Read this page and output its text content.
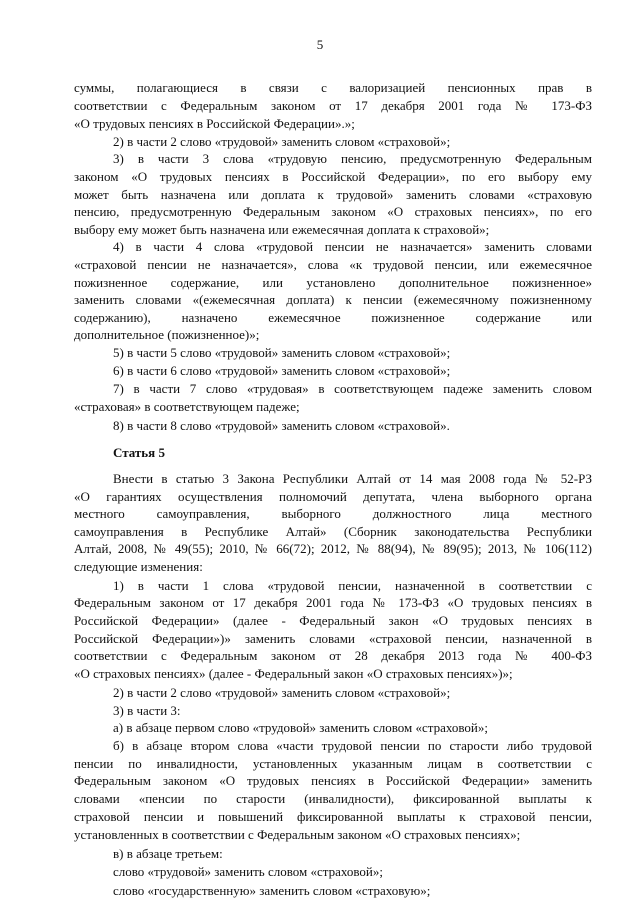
5
суммы, полагающиеся в связи с валоризацией пенсионных прав в
соответствии с Федеральным законом от 17 декабря 2001 года № 173-ФЗ
«О трудовых пенсиях в Российской Федерации».»;
2) в части 2 слово «трудовой» заменить словом «страховой»;
3) в части 3 слова «трудовую пенсию, предусмотренную Федеральным
законом «О трудовых пенсиях в Российской Федерации», по его выбору ему
может быть назначена или доплата к трудовой» заменить словами «страховую
пенсию, предусмотренную Федеральным законом «О страховых пенсиях», по его
выбору ему может быть назначена или ежемесячная доплата к страховой»;
4) в части 4 слова «трудовой пенсии не назначается» заменить словами
«страховой пенсии не назначается», слова «к трудовой пенсии, или ежемесячное
пожизненное содержание, или установлено дополнительное пожизненное»
заменить словами «(ежемесячная доплата) к пенсии (ежемесячному пожизненному
содержанию), назначено ежемесячное пожизненное содержание или
дополнительное (пожизненное)»;
5) в части 5 слово «трудовой» заменить словом «страховой»;
6) в части 6 слово «трудовой» заменить словом «страховой»;
7) в части 7 слово «трудовая» в соответствующем падеже заменить словом
«страховая» в соответствующем падеже;
8) в части 8 слово «трудовой» заменить словом «страховой».
Статья 5
Внести в статью 3 Закона Республики Алтай от 14 мая 2008 года № 52-РЗ
«О гарантиях осуществления полномочий депутата, члена выборного органа
местного самоуправления, выборного должностного лица местного
самоуправления в Республике Алтай» (Сборник законодательства Республики
Алтай, 2008, № 49(55); 2010, № 66(72); 2012, № 88(94), № 89(95); 2013, № 106(112)
следующие изменения:
1) в части 1 слова «трудовой пенсии, назначенной в соответствии с
Федеральным законом от 17 декабря 2001 года № 173-ФЗ «О трудовых пенсиях в
Российской Федерации» (далее - Федеральный закон «О трудовых пенсиях в
Российской Федерации»)» заменить словами «страховой пенсии, назначенной в
соответствии с Федеральным законом от 28 декабря 2013 года № 400-ФЗ
«О страховых пенсиях» (далее - Федеральный закон «О страховых пенсиях»)»;
2) в части 2 слово «трудовой» заменить словом «страховой»;
3) в части 3:
а) в абзаце первом слово «трудовой» заменить словом «страховой»;
б) в абзаце втором слова «части трудовой пенсии по старости либо трудовой
пенсии по инвалидности, установленных указанным лицам в соответствии с
Федеральным законом «О трудовых пенсиях в Российской Федерации» заменить
словами «пенсии по старости (инвалидности), фиксированной выплаты к
страховой пенсии и повышений фиксированной выплаты к страховой пенсии,
установленных в соответствии с Федеральным законом «О страховых пенсиях»;
в) в абзаце третьем:
слово «трудовой» заменить словом «страховой»;
слово «государственную» заменить словом «страховую»;
